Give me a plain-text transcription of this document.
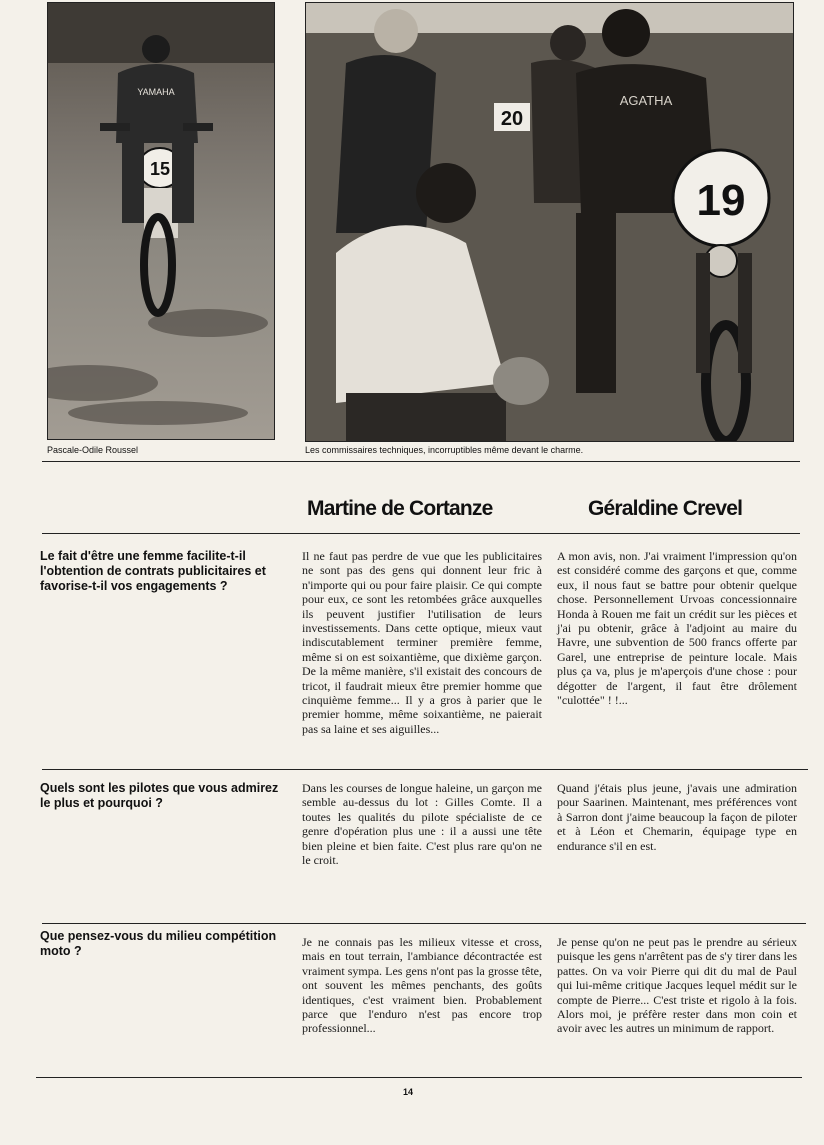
YAMAHA
15
20
AGATHA
19
Pascale-Odile Roussel	Les commissaires techniques, incorruptibles même devant le charme.
Martine de Cortanze	Géraldine Crevel
Le fait d'être une femme facilite-t-il l'obtention de contrats publicitaires et favorise-t-il vos engagements ?
Il ne faut pas perdre de vue que les publicitaires ne sont pas des gens qui donnent leur fric à n'importe qui ou pour faire plaisir. Ce qui compte pour eux, ce sont les retombées grâce auxquelles ils peuvent justifier l'utilisation de leurs investissements. Dans cette optique, mieux vaut indiscutablement terminer première femme, même si on est soixantième, que dixième garçon. De la même manière, s'il existait des concours de tricot, il faudrait mieux être premier homme que cinquième femme... Il y a gros à parier que le premier homme, même soixantième, ne paierait pas sa laine et ses aiguilles...
A mon avis, non. J'ai vraiment l'impression qu'on est considéré comme des garçons et que, comme eux, il nous faut se battre pour obtenir quelque chose. Personnellement Urvoas concessionnaire Honda à Rouen me fait un crédit sur les pièces et j'ai pu obtenir, grâce à l'adjoint au maire du Havre, une subvention de 500 francs offerte par Garel, une entreprise de peinture locale. Mais plus ça va, plus je m'aperçois d'une chose : pour dégotter de l'argent, il faut être drôlement "culottée" ! !...
Quels sont les pilotes que vous admirez le plus et pourquoi ?
Dans les courses de longue haleine, un garçon me semble au-dessus du lot : Gilles Comte. Il a toutes les qualités du pilote spécialiste de ce genre d'opération plus une : il a aussi une tête bien pleine et bien faite. C'est plus rare qu'on ne le croit.
Quand j'étais plus jeune, j'avais une admiration pour Saarinen. Maintenant, mes préférences vont à Sarron dont j'aime beaucoup la façon de piloter et à Léon et Chemarin, équipage type en endurance s'il en est.
Que pensez-vous du milieu compétition moto ?
Je ne connais pas les milieux vitesse et cross, mais en tout terrain, l'ambiance décontractée est vraiment sympa. Les gens n'ont pas la grosse tête, ont souvent les mêmes penchants, des goûts identiques, c'est vraiment bien. Probablement parce que l'enduro n'est pas encore trop professionnel...
Je pense qu'on ne peut pas le prendre au sérieux puisque les gens n'arrêtent pas de s'y tirer dans les pattes. On va voir Pierre qui dit du mal de Paul qui lui-même critique Jacques lequel médit sur le compte de Pierre... C'est triste et rigolo à la fois. Alors moi, je préfère rester dans mon coin et avoir avec les autres un minimum de rapport.
14
